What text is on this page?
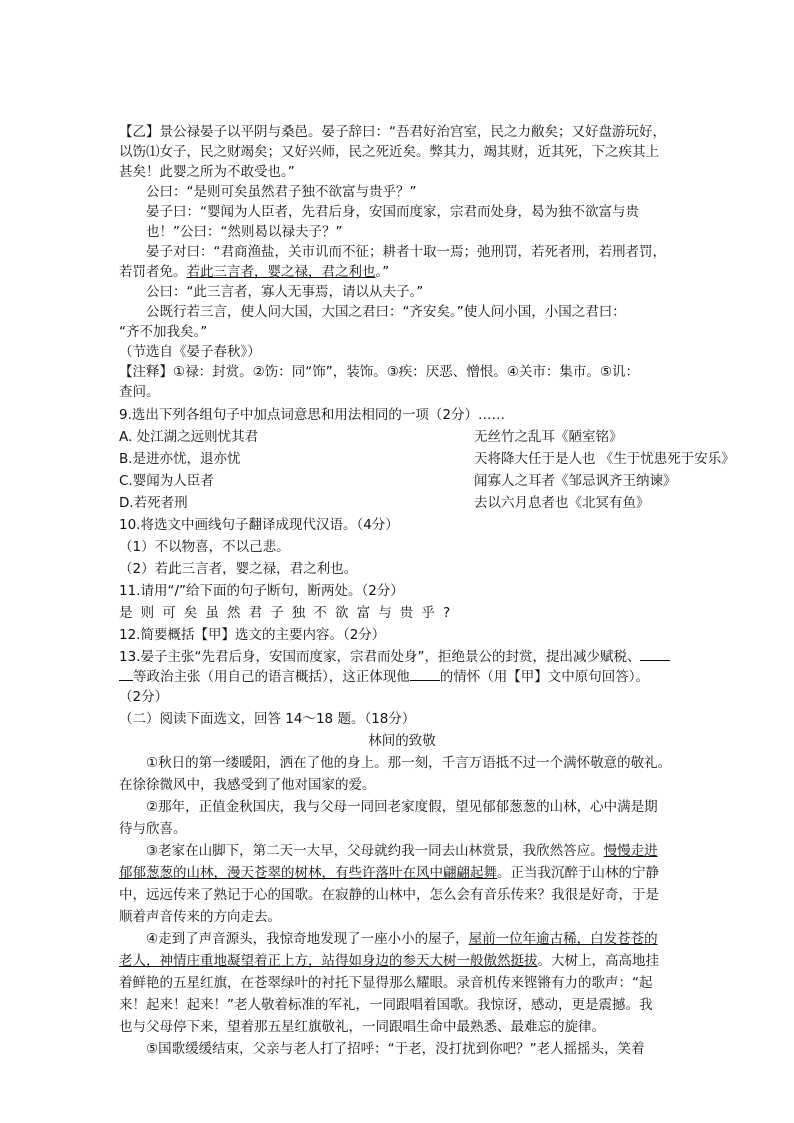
【乙】景公禄晏子以平阴与桑邑。晏子辞曰：“吾君好治宫室，民之力敝矣；又好盘游玩好，
以饬⑴女子，民之财竭矣；又好兴师，民之死近矣。弊其力，竭其财，近其死，下之疾其上
甚矣！此婴之所为不敢受也。”
公曰：“是则可矣虽然君子独不欲富与贵乎？”
晏子曰：“婴闻为人臣者，先君后身，安国而度家，宗君而处身，曷为独不欲富与贵
也！”公曰：“然则曷以禄夫子？”
晏子对曰：“君商渔盐，关市讥而不征；耕者十取一焉；弛刑罚，若死者刑，若刑者罚，
若罚者免。若此三言者，婴之禄，君之利也。”
公曰：“此三言者，寡人无事焉，请以从夫子。”
公既行若三言，使人问大国，大国之君曰：“齐安矣。”使人问小国，小国之君曰：
“齐不加我矣。”
（节选自《晏子春秋》）
【注释】①禄：封赏。②饬：同“饰”，装饰。③疾：厌恶、憎恨。④关市：集市。⑤讥：
查问。
9.选出下列各组句子中加点词意思和用法相同的一项（2分）……
A. 处江湖之远则忧其君	无丝竹之乱耳《陋室铭》
B.是进亦忧，退亦忧	天将降大任于是人也 《生于忧患死于安乐》
C.婴闻为人臣者	闻寡人之耳者《邹忌讽齐王纳谏》
D.若死者刑	去以六月息者也《北冥有鱼》
10.将选文中画线句子翻译成现代汉语。（4分）
（1）不以物喜，不以己悲。
（2）若此三言者，婴之禄，君之利也。
11.请用“/”给下面的句子断句，断两处。（2分）
是则可矣虽然君子独不欲富与贵乎?
12.简要概括【甲】选文的主要内容。（2分）
13.晏子主张“先君后身，安国而度家，宗君而处身”，拒绝景公的封赏，提出减少赋税、
等政治主张（用自己的语言概括），这正体现他 的情怀（用【甲】文中原句回答）。
（2分）
（二）阅读下面选文，回答 14～18 题。（18分）
林间的致敬
①秋日的第一缕暖阳，洒在了他的身上。那一刻，千言万语抵不过一个满怀敬意的敬礼。
在徐徐微风中，我感受到了他对国家的爱。
②那年，正值金秋国庆，我与父母一同回老家度假，望见郁郁葱葱的山林，心中满是期
待与欣喜。
③老家在山脚下，第二天一大早，父母就约我一同去山林赏景，我欣然答应。慢慢走进
郁郁葱葱的山林，漫天苍翠的树林，有些许落叶在风中翩翩起舞。正当我沉醉于山林的宁静
中，远远传来了熟记于心的国歌。在寂静的山林中，怎么会有音乐传来？我很是好奇，于是
顺着声音传来的方向走去。
④走到了声音源头，我惊奇地发现了一座小小的屋子，屋前一位年逾古稀，白发苍苍的
老人，神情庄重地凝望着正上方，站得如身边的参天大树一般傲然挺拔。大树上，高高地挂
着鲜艳的五星红旗，在苍翠绿叶的衬托下显得那么耀眼。录音机传来铿锵有力的歌声：“起
来！起来！起来！”老人敬着标准的军礼，一同跟唱着国歌。我惊讶，感动，更是震撼。我
也与父母停下来，望着那五星红旗敬礼，一同跟唱生命中最熟悉、最难忘的旋律。
⑤国歌缓缓结束，父亲与老人打了招呼：“于老，没打扰到你吧？”老人摇摇头，笑着
